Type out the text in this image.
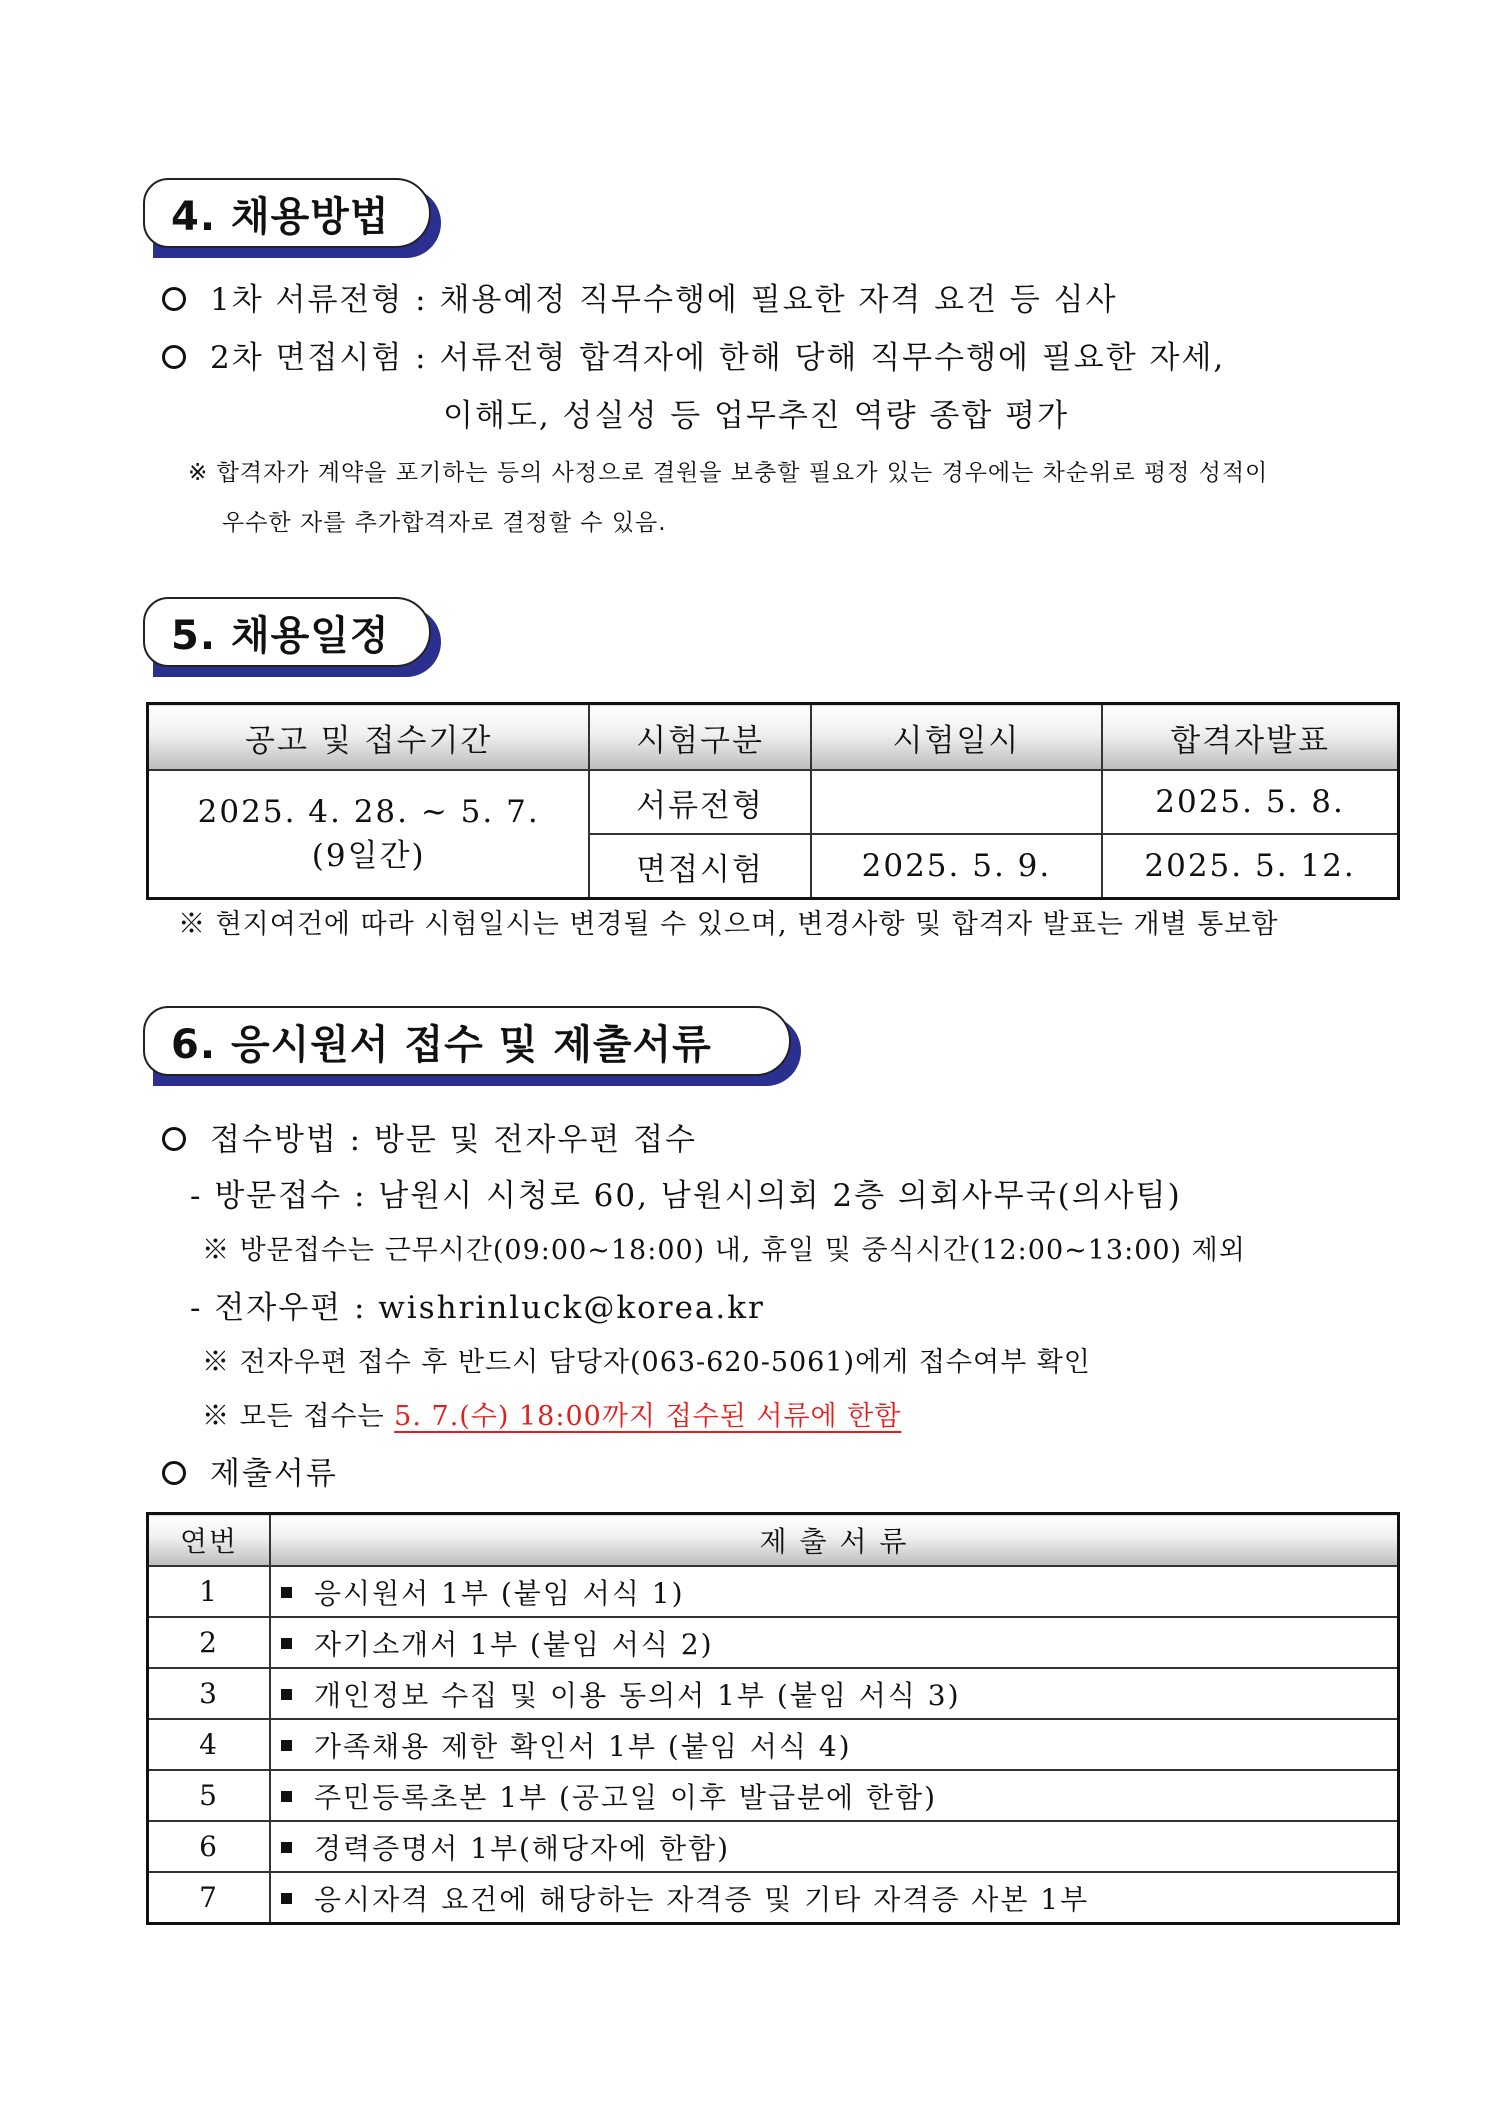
4. 채용방법
1차 서류전형 : 채용예정 직무수행에 필요한 자격 요건 등 심사
2차 면접시험 : 서류전형 합격자에 한해 당해 직무수행에 필요한 자세,
이해도, 성실성 등 업무추진 역량 종합 평가
※ 합격자가 계약을 포기하는 등의 사정으로 결원을 보충할 필요가 있는 경우에는 차순위로 평정 성적이
우수한 자를 추가합격자로 결정할 수 있음.
5. 채용일정
공고 및 접수기간	시험구분	시험일시	합격자발표

2025. 4. 28. ~ 5. 7.
(9일간)	서류전형		2025. 5. 8.
	면접시험	2025. 5. 9.	2025. 5. 12.
※ 현지여건에 따라 시험일시는 변경될 수 있으며, 변경사항 및 합격자 발표는 개별 통보함
6. 응시원서 접수 및 제출서류
접수방법 : 방문 및 전자우편 접수
- 방문접수 : 남원시 시청로 60, 남원시의회 2층 의회사무국(의사팀)
※ 방문접수는 근무시간(09:00~18:00) 내, 휴일 및 중식시간(12:00~13:00) 제외
- 전자우편 : wishrinluck@korea.kr
※ 전자우편 접수 후 반드시 담당자(063-620-5061)에게 접수여부 확인
※ 모든 접수는 5. 7.(수) 18:00까지 접수된 서류에 한함
제출서류
연번	제 출 서 류
1	응시원서 1부 (붙임 서식 1)
2	자기소개서 1부 (붙임 서식 2)
3	개인정보 수집 및 이용 동의서 1부 (붙임 서식 3)
4	가족채용 제한 확인서 1부 (붙임 서식 4)
5	주민등록초본 1부 (공고일 이후 발급분에 한함)
6	경력증명서 1부(해당자에 한함)
7	응시자격 요건에 해당하는 자격증 및 기타 자격증 사본 1부
